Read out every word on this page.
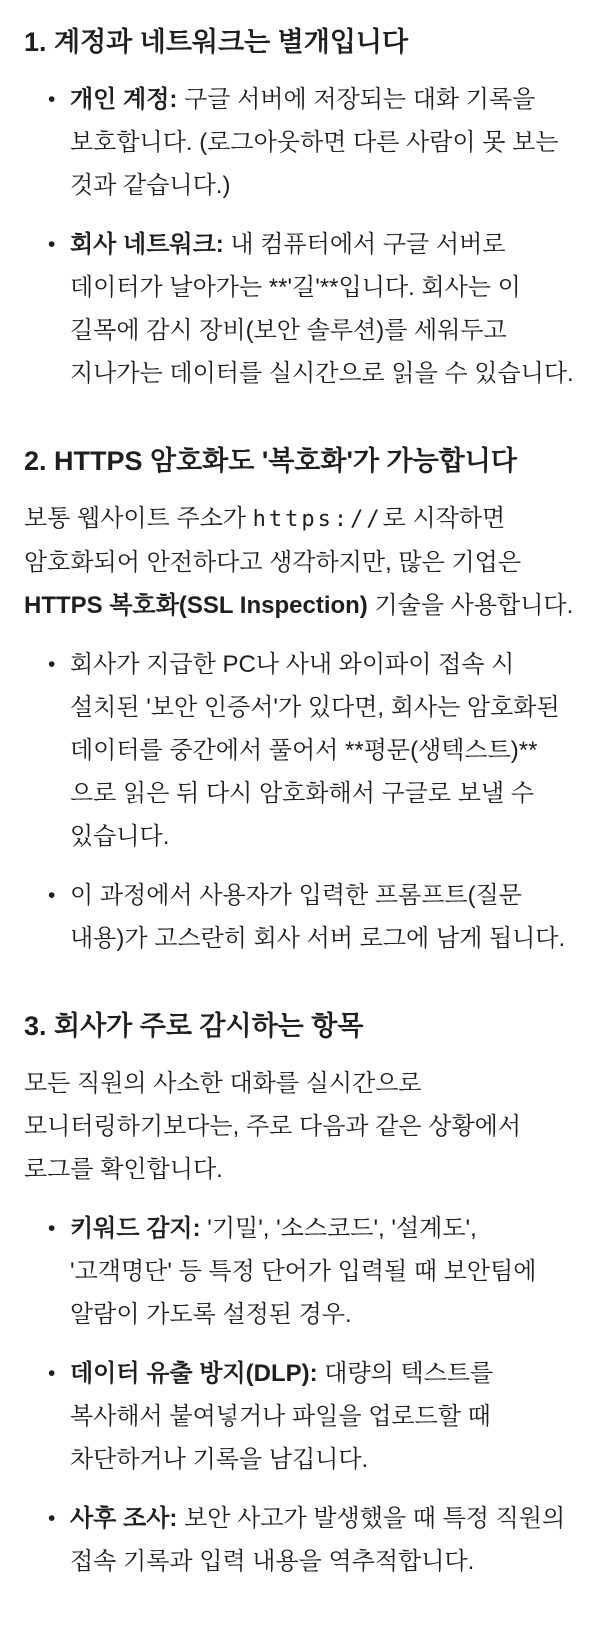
1. 계정과 네트워크는 별개입니다
• 개인 계정: 구글 서버에 저장되는 대화 기록을 보호합니다. (로그아웃하면 다른 사람이 못 보는 것과 같습니다.)
• 회사 네트워크: 내 컴퓨터에서 구글 서버로 데이터가 날아가는 **'길'**입니다. 회사는 이 길목에 감시 장비(보안 솔루션)를 세워두고 지나가는 데이터를 실시간으로 읽을 수 있습니다.
2. HTTPS 암호화도 '복호화'가 가능합니다

보통 웹사이트 주소가 https://로 시작하면 암호화되어 안전하다고 생각하지만, 많은 기업은 HTTPS 복호화(SSL Inspection) 기술을 사용합니다.

• 회사가 지급한 PC나 사내 와이파이 접속 시 설치된 '보안 인증서'가 있다면, 회사는 암호화된 데이터를 중간에서 풀어서 **평문(생텍스트)**으로 읽은 뒤 다시 암호화해서 구글로 보낼 수 있습니다.
• 이 과정에서 사용자가 입력한 프롬프트(질문 내용)가 고스란히 회사 서버 로그에 남게 됩니다.
3. 회사가 주로 감시하는 항목

모든 직원의 사소한 대화를 실시간으로 모니터링하기보다는, 주로 다음과 같은 상황에서 로그를 확인합니다.

• 키워드 감지: '기밀', '소스코드', '설계도', '고객명단' 등 특정 단어가 입력될 때 보안팀에 알람이 가도록 설정된 경우.
• 데이터 유출 방지(DLP): 대량의 텍스트를 복사해서 붙여넣거나 파일을 업로드할 때 차단하거나 기록을 남깁니다.
• 사후 조사: 보안 사고가 발생했을 때 특정 직원의 접속 기록과 입력 내용을 역추적합니다.
